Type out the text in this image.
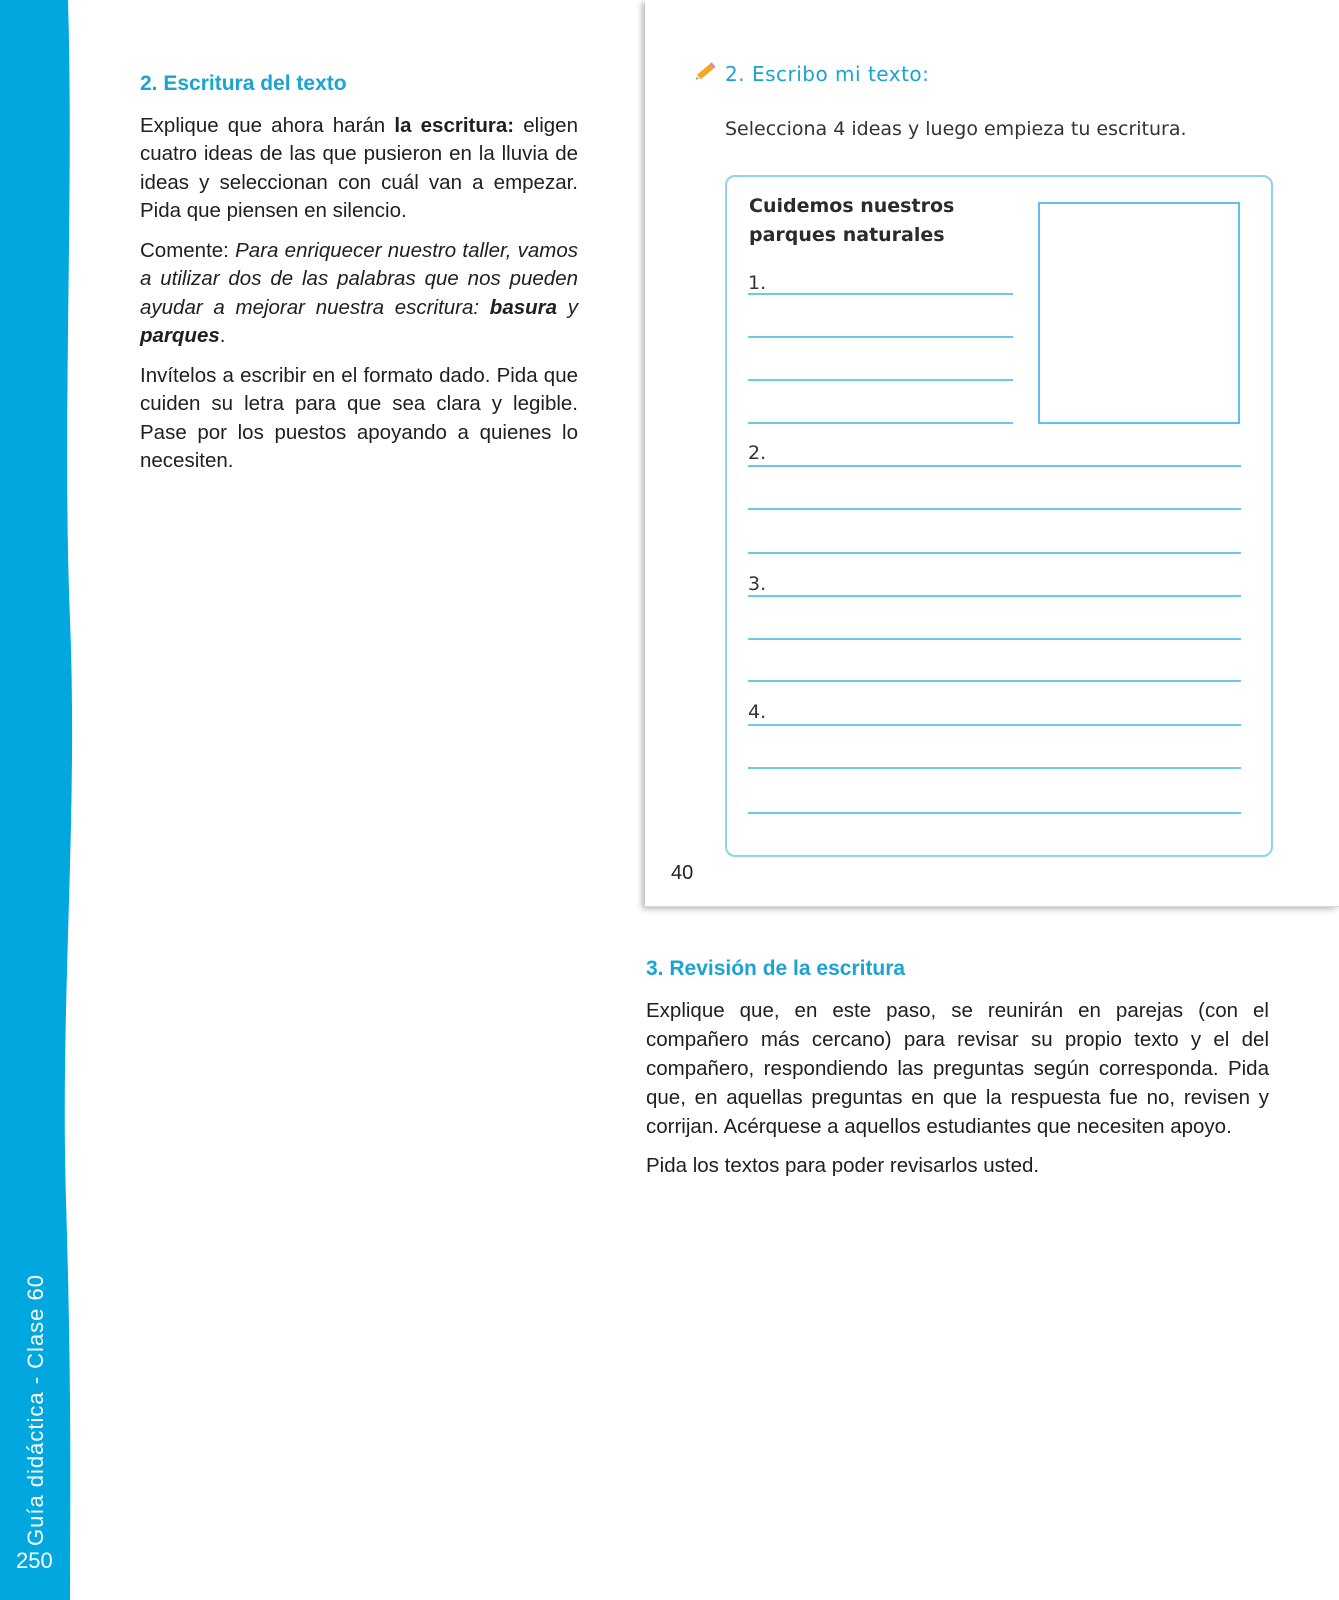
Guía didáctica - Clase 60
250
2. Escritura del texto

Explique que ahora harán la escritura: eligen cuatro ideas de las que pusieron en la lluvia de ideas y seleccionan con cuál van a empezar. Pida que piensen en silencio.

Comente: Para enriquecer nuestro taller, vamos a utilizar dos de las palabras que nos pueden ayudar a mejorar nuestra escritura: basura y parques.

Invítelos a escribir en el formato dado. Pida que cuiden su letra para que sea clara y legible. Pase por los puestos apoyando a quienes lo necesiten.

2. Escribo mi texto:
Selecciona 4 ideas y luego empieza tu escritura.
Cuidemos nuestros
parques naturales
1.
2.
3.
4.
40
3. Revisión de la escritura

Explique que, en este paso, se reunirán en parejas (con el compañero más cercano) para revisar su propio texto y el del compañero, respondiendo las preguntas según corresponda. Pida que, en aquellas preguntas en que la respuesta fue no, revisen y corrijan. Acérquese a aquellos estudiantes que necesiten apoyo.

Pida los textos para poder revisarlos usted.
